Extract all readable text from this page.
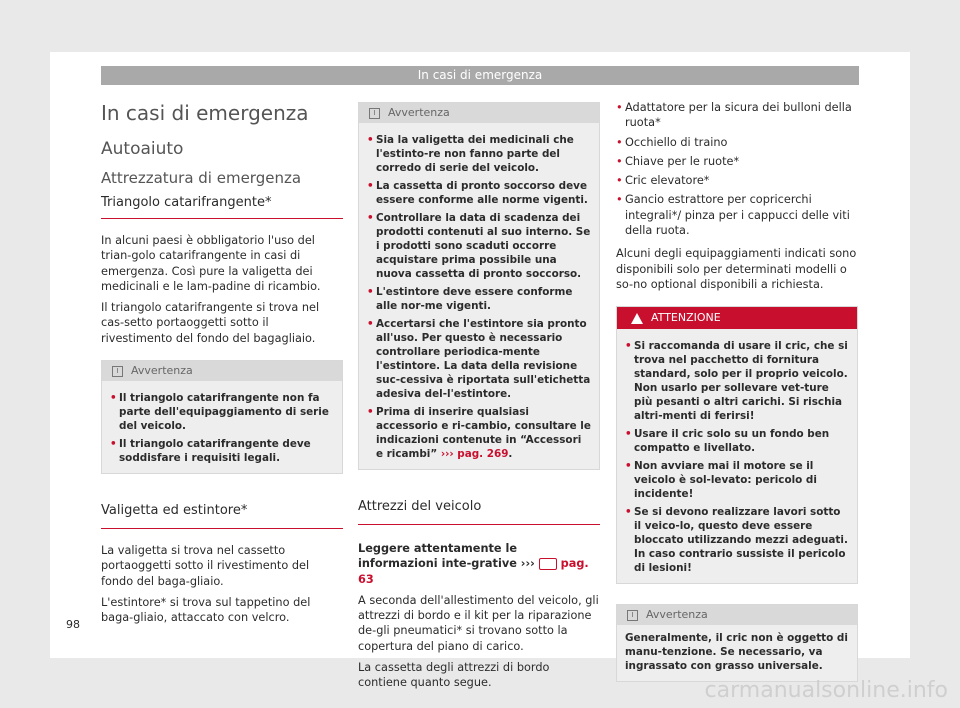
In casi di emergenza
In casi di emergenza
Autoaiuto
Attrezzatura di emergenza
Triangolo catarifrangente*
In alcuni paesi è obbligatorio l'uso del trian-golo catarifrangente in casi di emergenza. Così pure la valigetta dei medicinali e le lam-padine di ricambio.
Il triangolo catarifrangente si trova nel cas-setto portaoggetti sotto il rivestimento del fondo del bagagliaio.
i	Avvertenza
• Il triangolo catarifrangente non fa parte dell'equipaggiamento di serie del veicolo.
• Il triangolo catarifrangente deve soddisfare i requisiti legali.
Valigetta ed estintore*
La valigetta si trova nel cassetto portaoggetti sotto il rivestimento del fondo del baga-gliaio.
L'estintore* si trova sul tappetino del baga-gliaio, attaccato con velcro.
i	Avvertenza
• Sia la valigetta dei medicinali che l'estinto-re non fanno parte del corredo di serie del veicolo.
• La cassetta di pronto soccorso deve essere conforme alle norme vigenti.
• Controllare la data di scadenza dei prodotti contenuti al suo interno. Se i prodotti sono scaduti occorre acquistare prima possibile una nuova cassetta di pronto soccorso.
• L'estintore deve essere conforme alle nor-me vigenti.
• Accertarsi che l'estintore sia pronto all'uso. Per questo è necessario controllare periodica-mente l'estintore. La data della revisione suc-cessiva è riportata sull'etichetta adesiva del-l'estintore.
• Prima di inserire qualsiasi accessorio e ri-cambio, consultare le indicazioni contenute in “Accessori e ricambi” ››› pag. 269.
Attrezzi del veicolo
Leggere attentamente le informazioni inte-grative ››› pag. 63
A seconda dell'allestimento del veicolo, gli attrezzi di bordo e il kit per la riparazione de-gli pneumatici* si trovano sotto la copertura del piano di carico.
La cassetta degli attrezzi di bordo contiene quanto segue.
• Adattatore per la sicura dei bulloni della ruota*
• Occhiello di traino
• Chiave per le ruote*
• Cric elevatore*
• Gancio estrattore per copricerchi integrali*/ pinza per i cappucci delle viti della ruota.
Alcuni degli equipaggiamenti indicati sono disponibili solo per determinati modelli o so-no optional disponibili a richiesta.
ATTENZIONE
• Si raccomanda di usare il cric, che si trova nel pacchetto di fornitura standard, solo per il proprio veicolo. Non usarlo per sollevare vet-ture più pesanti o altri carichi. Si rischia altri-menti di ferirsi!
• Usare il cric solo su un fondo ben compatto e livellato.
• Non avviare mai il motore se il veicolo è sol-levato: pericolo di incidente!
• Se si devono realizzare lavori sotto il veico-lo, questo deve essere bloccato utilizzando mezzi adeguati. In caso contrario sussiste il pericolo di lesioni!
i	Avvertenza
Generalmente, il cric non è oggetto di manu-tenzione. Se necessario, va ingrassato con grasso universale.
98
carmanualsonline.info
